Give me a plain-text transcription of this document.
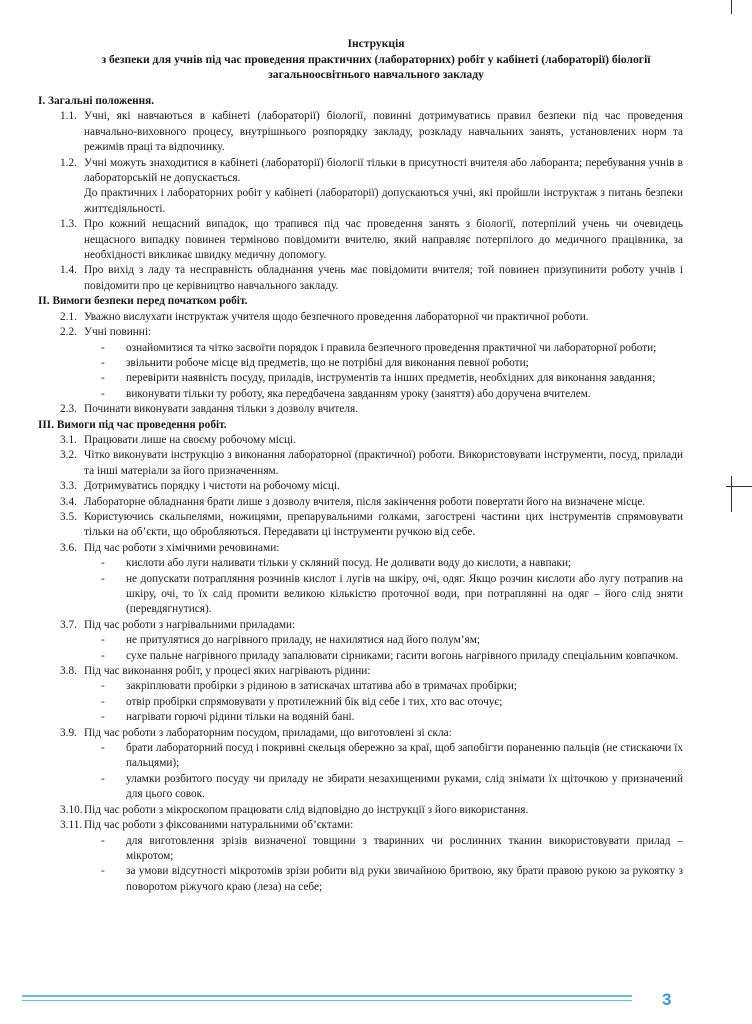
Інструкція
з безпеки для учнів під час проведення практичних (лабораторних) робіт у кабінеті (лабораторії) біології
загальноосвітнього навчального закладу

І. Загальні положення.

1.1. Учні, які навчаються в кабінеті (лабораторії) біології, повинні дотримуватись правил безпеки під час проведення навчально-виховного процесу, внутрішнього розпорядку закладу, розкладу навчальних занять, установлених норм та режимів праці та відпочинку.

1.2. Учні можуть знаходитися в кабінеті (лабораторії) біології тільки в присутності вчителя або лаборанта; перебування учнів в лабораторській не допускається.

До практичних і лабораторних робіт у кабінеті (лабораторії) допускаються учні, які пройшли інструктаж з питань безпеки життєдіяльності.

1.3. Про кожний нещасний випадок, що трапився під час проведення занять з біології, потерпілий учень чи очевидець нещасного випадку повинен терміново повідомити вчителю, який направляє потерпілого до медичного працівника, за необхідності викликає швидку медичну допомогу.

1.4. Про вихід з ладу та несправність обладнання учень має повідомити вчителя; той повинен призупинити роботу учнів і повідомити про це керівництво навчального закладу.

ІІ. Вимоги безпеки перед початком робіт.

2.1. Уважно вислухати інструктаж учителя щодо безпечного проведення лабораторної чи практичної роботи.

2.2. Учні повинні:

- ознайомитися та чітко засвоїти порядок і правила безпечного проведення практичної чи лабораторної роботи;

- звільнити робоче місце від предметів, що не потрібні для виконання певної роботи;

- перевірити наявність посуду, приладів, інструментів та інших предметів, необхідних для виконання завдання;

- виконувати тільки ту роботу, яка передбачена завданням уроку (заняття) або доручена вчителем.

2.3. Починати виконувати завдання тільки з дозволу вчителя.

ІІІ. Вимоги під час проведення робіт.

3.1. Працювати лише на своєму робочому місці.

3.2. Чітко виконувати інструкцію з виконання лабораторної (практичної) роботи. Використовувати інструменти, посуд, прилади та інші матеріали за його призначенням.

3.3. Дотримуватись порядку і чистоти на робочому місці.

3.4. Лабораторне обладнання брати лише з дозволу вчителя, після закінчення роботи повертати його на визначене місце.

3.5. Користуючись скальпелями, ножицями, препарувальними голками, загострені частини цих інструментів спрямовувати тільки на об’єкти, що обробляються. Передавати ці інструменти ручкою від себе.

3.6. Під час роботи з хімічними речовинами:

- кислоти або луги наливати тільки у скляний посуд. Не доливати воду до кислоти, а навпаки;

- не допускати потрапляння розчинів кислот і лугів на шкіру, очі, одяг. Якщо розчин кислоти або лугу потрапив на шкіру, очі, то їх слід промити великою кількістю проточної води, при потраплянні на одяг – його слід зняти (перевдягнутися).

3.7. Під час роботи з нагрівальними приладами:

- не притулятися до нагрівного приладу, не нахилятися над його полум’ям;

- сухе пальне нагрівного приладу запалювати сірниками; гасити вогонь нагрівного приладу спеціальним ковпачком.

3.8. Під час виконання робіт, у процесі яких нагрівають рідини:

- закріплювати пробірки з рідиною в затискачах штатива або в тримачах пробірки;

- отвір пробірки спрямовувати у протилежний бік від себе і тих, хто вас оточує;

- нагрівати горючі рідини тільки на водяній бані.

3.9. Під час роботи з лабораторним посудом, приладами, що виготовлені зі скла:

- брати лабораторний посуд і покривні скельця обережно за краї, щоб запобігти пораненню пальців (не стискаючи їх пальцями);

- уламки розбитого посуду чи приладу не збирати незахищеними руками, слід знімати їх щіточкою у призначений для цього совок.

3.10. Під час роботи з мікроскопом працювати слід відповідно до інструкції з його використання.

3.11. Під час роботи з фіксованими натуральними об’єктами:

- для виготовлення зрізів визначеної товщини з тваринних чи рослинних тканин використовувати прилад – мікротом;

- за умови відсутності мікротомів зрізи робити від руки звичайною бритвою, яку брати правою рукою за рукоятку з поворотом ріжучого краю (леза) на себе;

3
